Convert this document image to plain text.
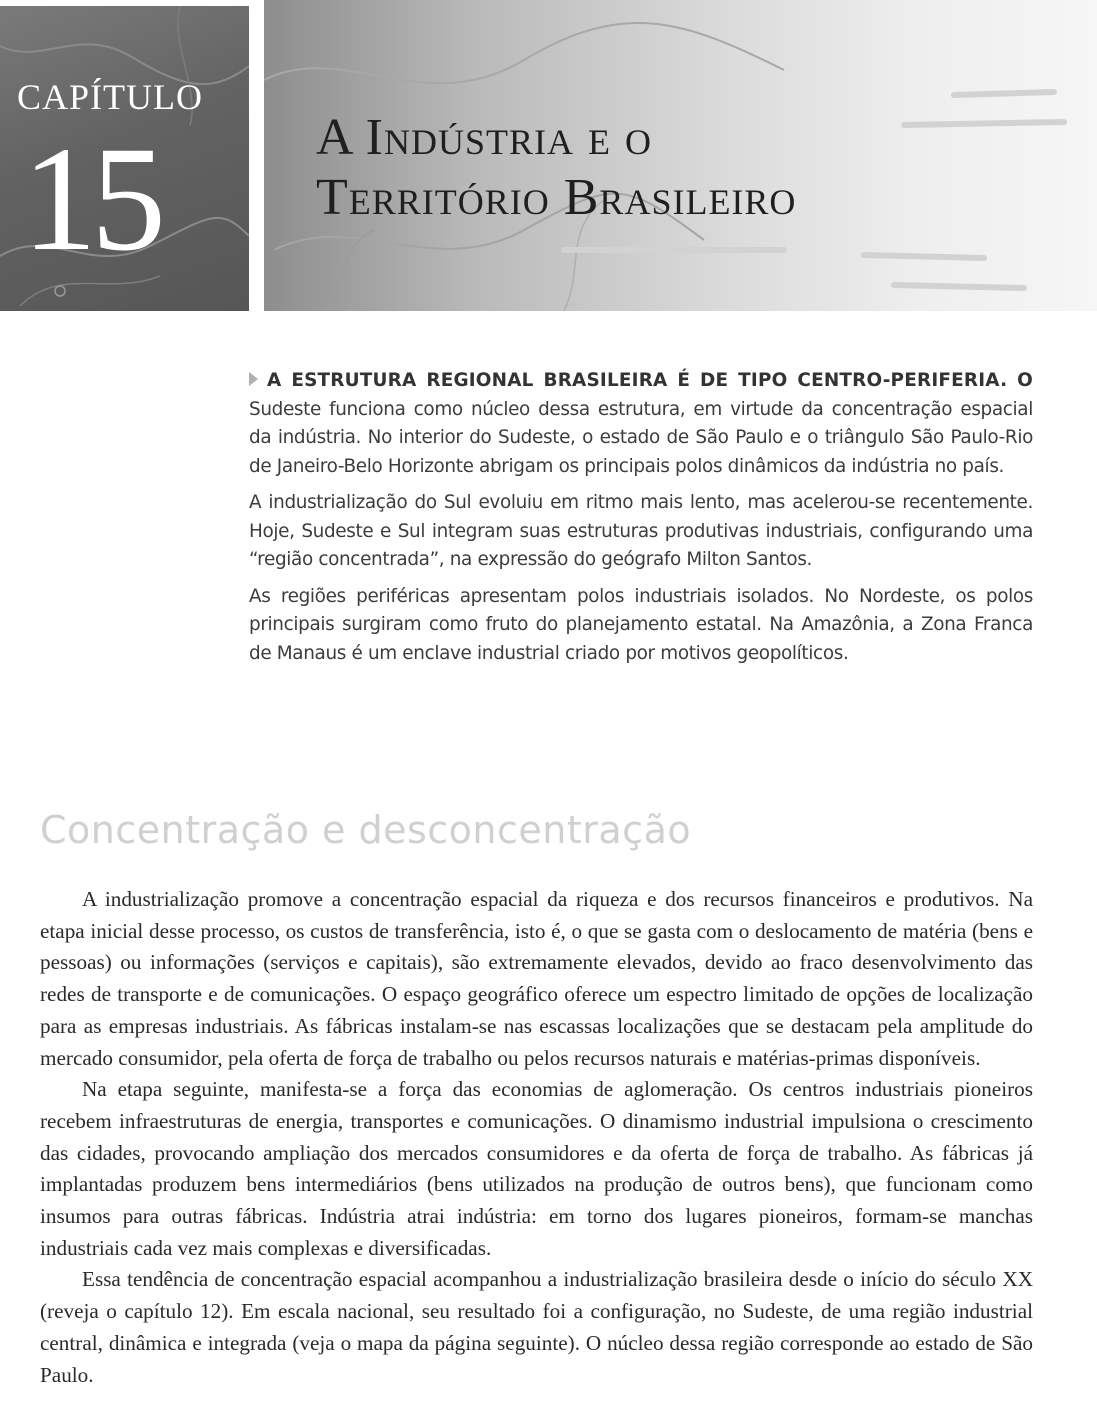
CAPÍTULO
15	A Indústria e o
Território Brasileiro

A ESTRUTURA REGIONAL BRASILEIRA É DE TIPO CENTRO-PERIFERIA. O Sudeste funciona como núcleo dessa estrutura, em virtude da concentração espacial da indústria. No interior do Sudeste, o estado de São Paulo e o triângulo São Paulo-Rio de Janeiro-Belo Horizonte abrigam os principais polos dinâmicos da indústria no país.

A industrialização do Sul evoluiu em ritmo mais lento, mas acelerou-se recentemente. Hoje, Sudeste e Sul integram suas estruturas produtivas industriais, configurando uma “região concentrada”, na expressão do geógrafo Milton Santos.

As regiões periféricas apresentam polos industriais isolados. No Nordeste, os polos principais surgiram como fruto do planejamento estatal. Na Amazônia, a Zona Franca de Manaus é um enclave industrial criado por motivos geopolíticos.

Concentração e desconcentração

A industrialização promove a concentração espacial da riqueza e dos recursos financeiros e produtivos. Na etapa inicial desse processo, os custos de transferência, isto é, o que se gasta com o deslocamento de matéria (bens e pessoas) ou informações (serviços e capitais), são extremamente elevados, devido ao fraco desenvolvimento das redes de transporte e de comunicações. O espaço geográfico oferece um espectro limitado de opções de localização para as empresas industriais. As fábricas instalam-se nas escassas localizações que se destacam pela amplitude do mercado consumidor, pela oferta de força de trabalho ou pelos recursos naturais e matérias-primas disponíveis.

Na etapa seguinte, manifesta-se a força das economias de aglomeração. Os centros industriais pioneiros recebem infraestruturas de energia, transportes e comunicações. O dinamismo industrial impulsiona o crescimento das cidades, provocando ampliação dos mercados consumidores e da oferta de força de trabalho. As fábricas já implantadas produzem bens intermediários (bens utilizados na produção de outros bens), que funcionam como insumos para outras fábricas. Indústria atrai indústria: em torno dos lugares pioneiros, formam-se manchas industriais cada vez mais complexas e diversificadas.

Essa tendência de concentração espacial acompanhou a industrialização brasileira desde o início do século XX (reveja o capítulo 12). Em escala nacional, seu resultado foi a configuração, no Sudeste, de uma região industrial central, dinâmica e integrada (veja o mapa da página seguinte). O núcleo dessa região corresponde ao estado de São Paulo.
